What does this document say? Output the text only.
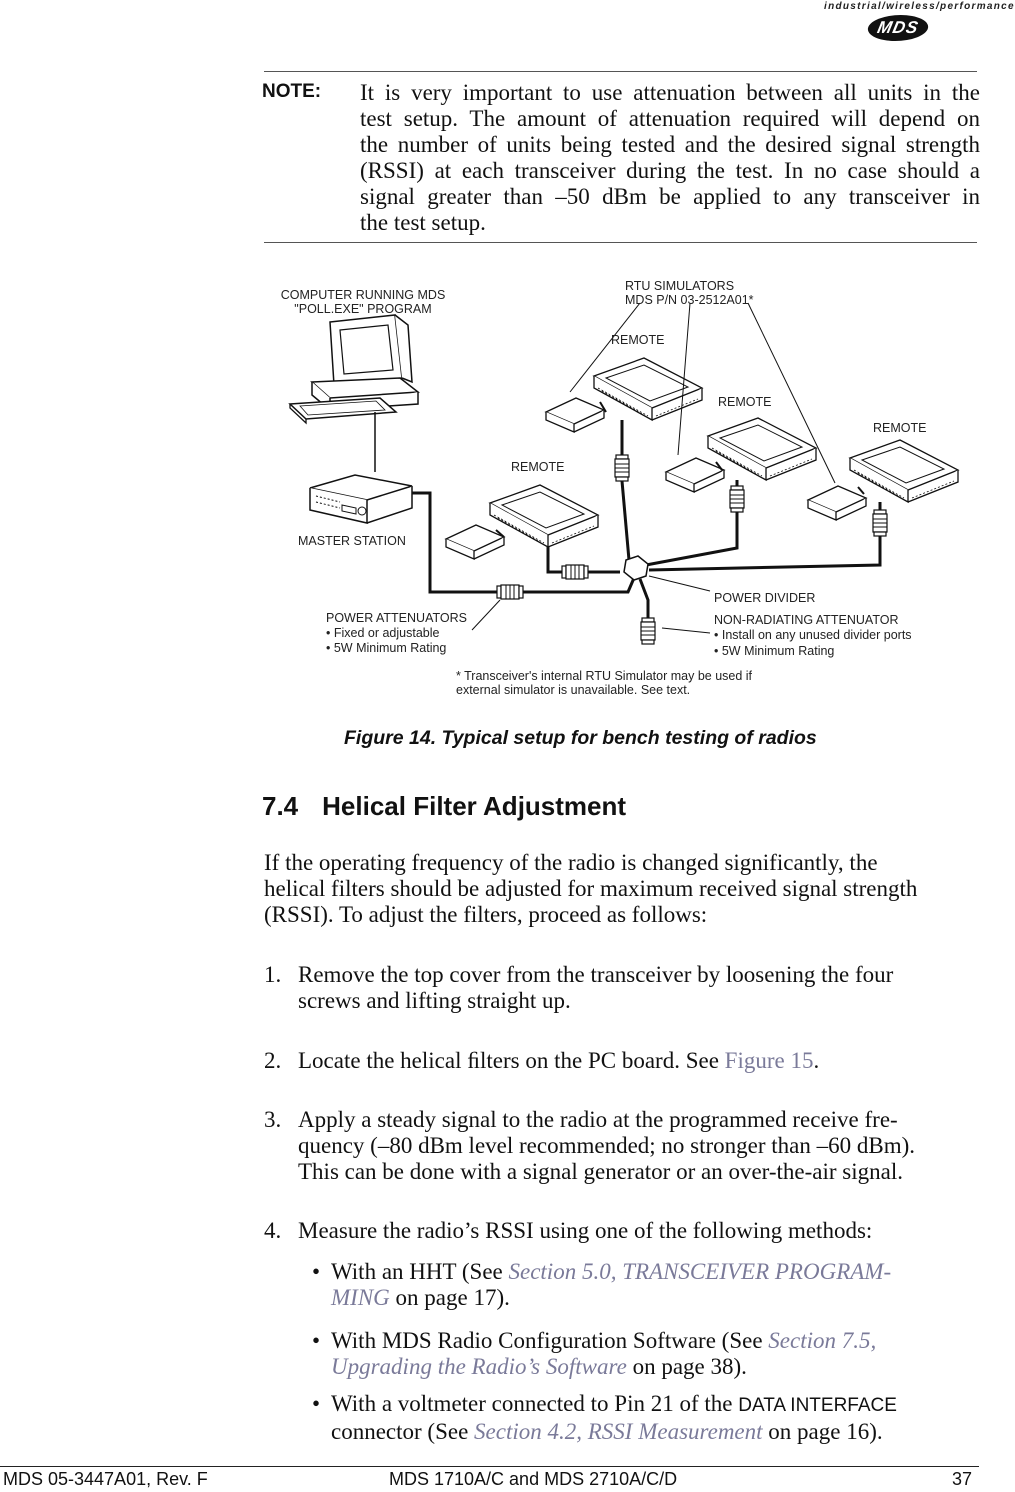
industrial/wireless/performance
MDS
NOTE: It is very important to use attenuation between all units in the
test setup. The amount of attenuation required will depend on
the number of units being tested and the desired signal strength
(RSSI) at each transceiver during the test. In no case should a
signal greater than –50 dBm be applied to any transceiver in
the test setup.
COMPUTER RUNNING MDS
"POLL.EXE" PROGRAM
RTU SIMULATORS
MDS P/N 03-2512A01*
REMOTE
REMOTE
REMOTE
REMOTE
MASTER STATION
POWER DIVIDER
POWER ATTENUATORS
• Fixed or adjustable
• 5W Minimum Rating
NON-RADIATING ATTENUATOR
• Install on any unused divider ports
• 5W Minimum Rating
* Transceiver's internal RTU Simulator may be used if
external simulator is unavailable. See text.
Figure 14. Typical setup for bench testing of radios
7.4 Helical Filter Adjustment
If the operating frequency of the radio is changed significantly, the
helical filters should be adjusted for maximum received signal strength
(RSSI). To adjust the filters, proceed as follows:
1. Remove the top cover from the transceiver by loosening the four
screws and lifting straight up.
2. Locate the helical ﬁlters on the PC board. See Figure 15.
3. Apply a steady signal to the radio at the programmed receive fre-
quency (–80 dBm level recommended; no stronger than –60 dBm).
This can be done with a signal generator or an over-the-air signal.
4. Measure the radio’s RSSI using one of the following methods:
• With an HHT (See Section 5.0, TRANSCEIVER PROGRAM-
MING on page 17).
• With MDS Radio Configuration Software (See Section 7.5,
Upgrading the Radio’s Software on page 38).
• With a voltmeter connected to Pin 21 of the DATA INTERFACE
connector (See Section 4.2, RSSI Measurement on page 16).
MDS 05-3447A01, Rev. F	MDS 1710A/C and MDS 2710A/C/D	37
